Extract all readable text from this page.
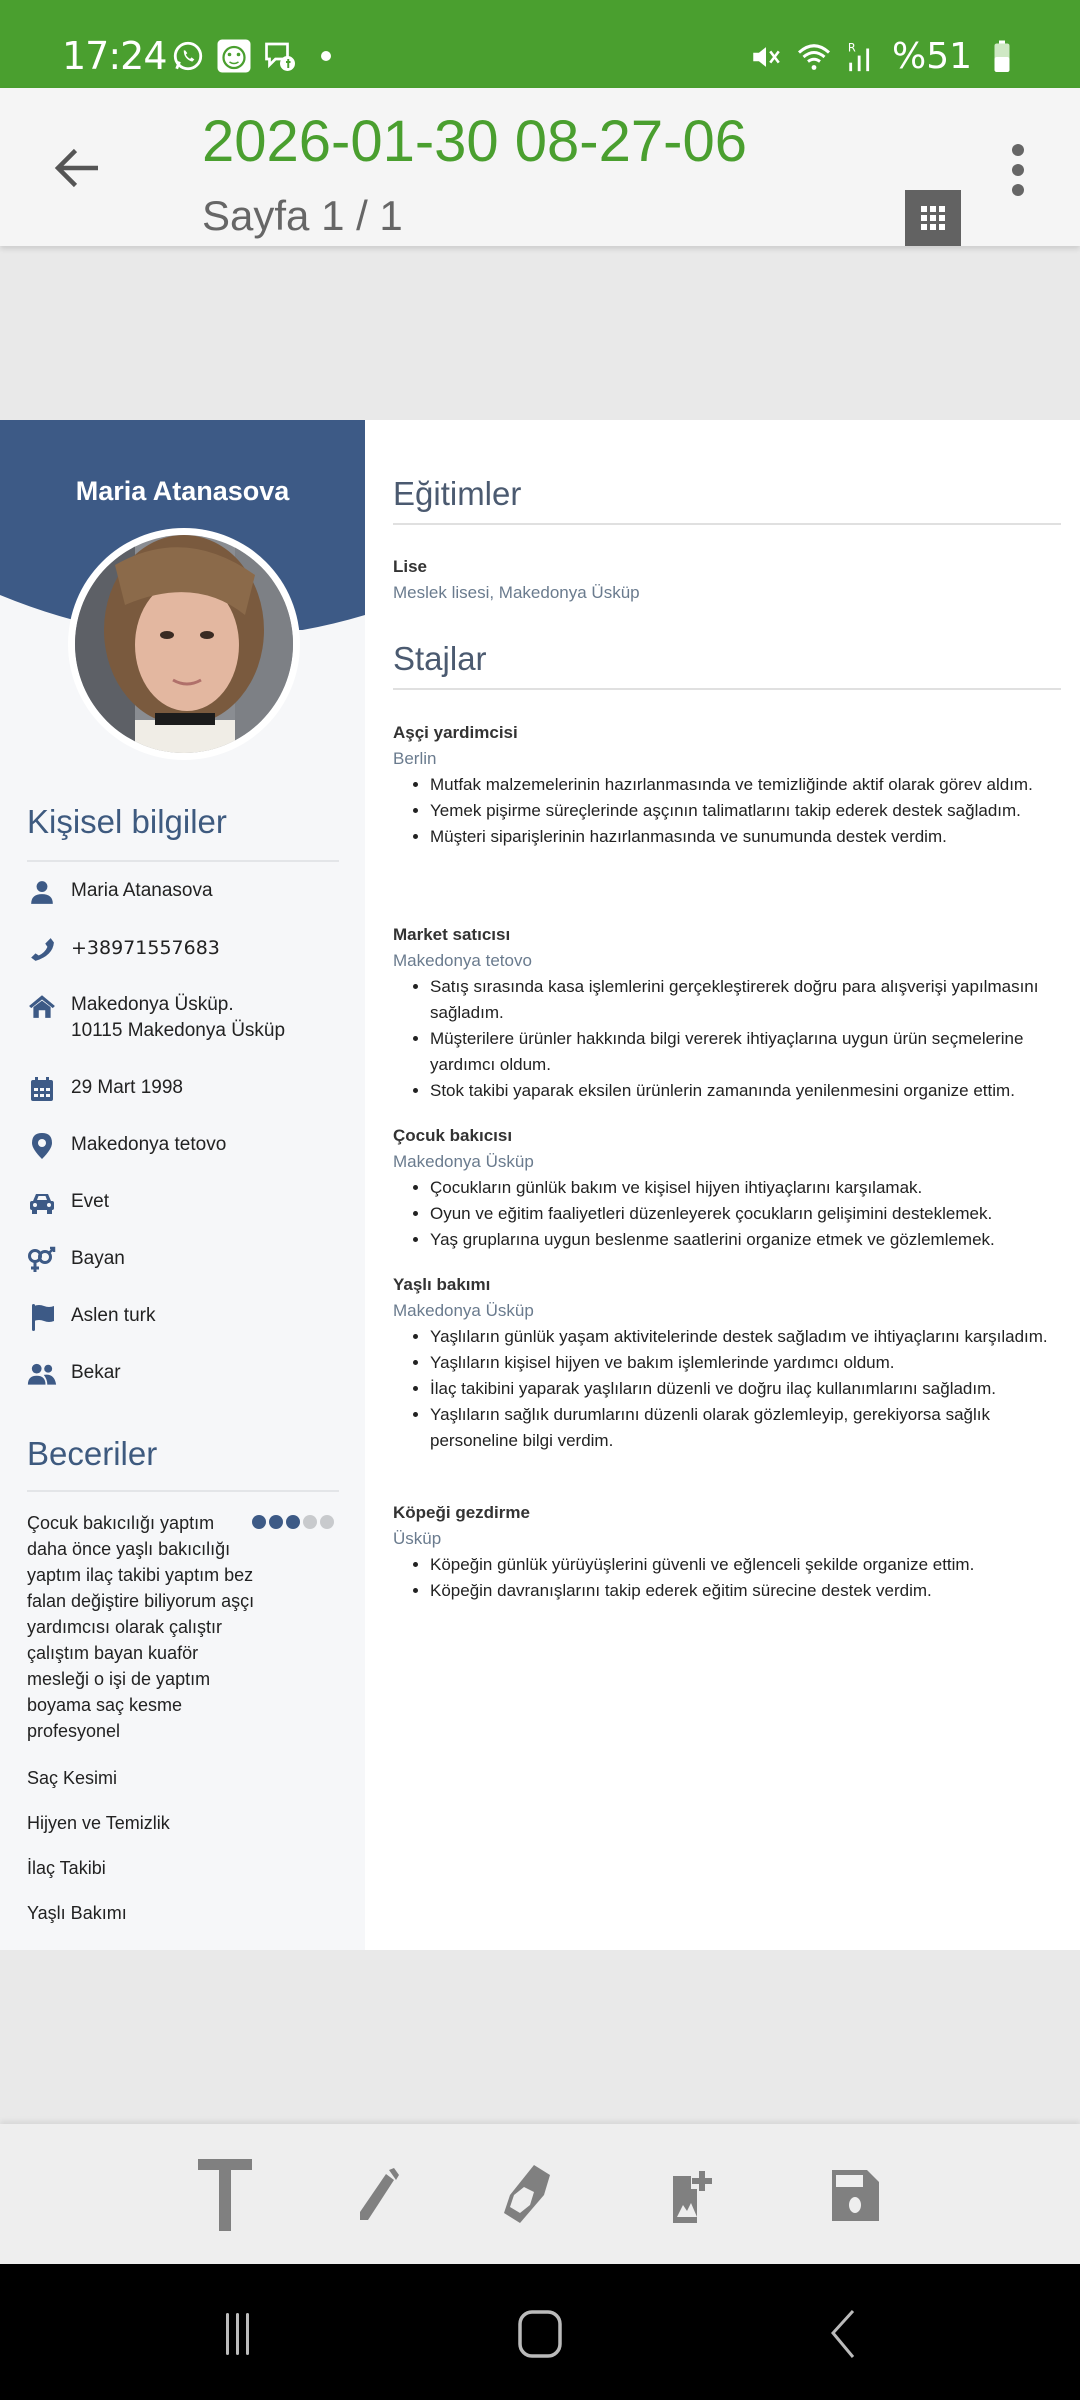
17:24	R %51
2026-01-30 08-27-06
Sayfa 1 / 1
Maria Atanasova
Kişisel bilgiler
Maria Atanasova
+38971557683
Makedonya Üsküp.
10115 Makedonya Üsküp
29 Mart 1998
Makedonya tetovo
Evet
Bayan
Aslen turk
Bekar
Beceriler
Çocuk bakıcılığı yaptım daha önce yaşlı bakıcılığı yaptım ilaç takibi yaptım bez falan değiştire biliyorum aşçı yardımcısı olarak çalıştır çalıştım bayan kuaför mesleği o işi de yaptım boyama saç kesme profesyonel
Saç Kesimi
Hijyen ve Temizlik
İlaç Takibi
Yaşlı Bakımı
Eğitimler
Lise
Meslek lisesi, Makedonya Üsküp
Stajlar
Aşçi yardimcisi
Berlin
• Mutfak malzemelerinin hazırlanmasında ve temizliğinde aktif olarak görev aldım.
• Yemek pişirme süreçlerinde aşçının talimatlarını takip ederek destek sağladım.
• Müşteri siparişlerinin hazırlanmasında ve sunumunda destek verdim.
Market satıcısı
Makedonya tetovo
• Satış sırasında kasa işlemlerini gerçekleştirerek doğru para alışverişi yapılmasını sağladım.
• Müşterilere ürünler hakkında bilgi vererek ihtiyaçlarına uygun ürün seçmelerine yardımcı oldum.
• Stok takibi yaparak eksilen ürünlerin zamanında yenilenmesini organize ettim.
Çocuk bakıcısı
Makedonya Üsküp
• Çocukların günlük bakım ve kişisel hijyen ihtiyaçlarını karşılamak.
• Oyun ve eğitim faaliyetleri düzenleyerek çocukların gelişimini desteklemek.
• Yaş gruplarına uygun beslenme saatlerini organize etmek ve gözlemlemek.
Yaşlı bakımı
Makedonya Üsküp
• Yaşlıların günlük yaşam aktivitelerinde destek sağladım ve ihtiyaçlarını karşıladım.
• Yaşlıların kişisel hijyen ve bakım işlemlerinde yardımcı oldum.
• İlaç takibini yaparak yaşlıların düzenli ve doğru ilaç kullanımlarını sağladım.
• Yaşlıların sağlık durumlarını düzenli olarak gözlemleyip, gerekiyorsa sağlık personeline bilgi verdim.
Köpeği gezdirme
Üsküp
• Köpeğin günlük yürüyüşlerini güvenli ve eğlenceli şekilde organize ettim.
• Köpeğin davranışlarını takip ederek eğitim sürecine destek verdim.
